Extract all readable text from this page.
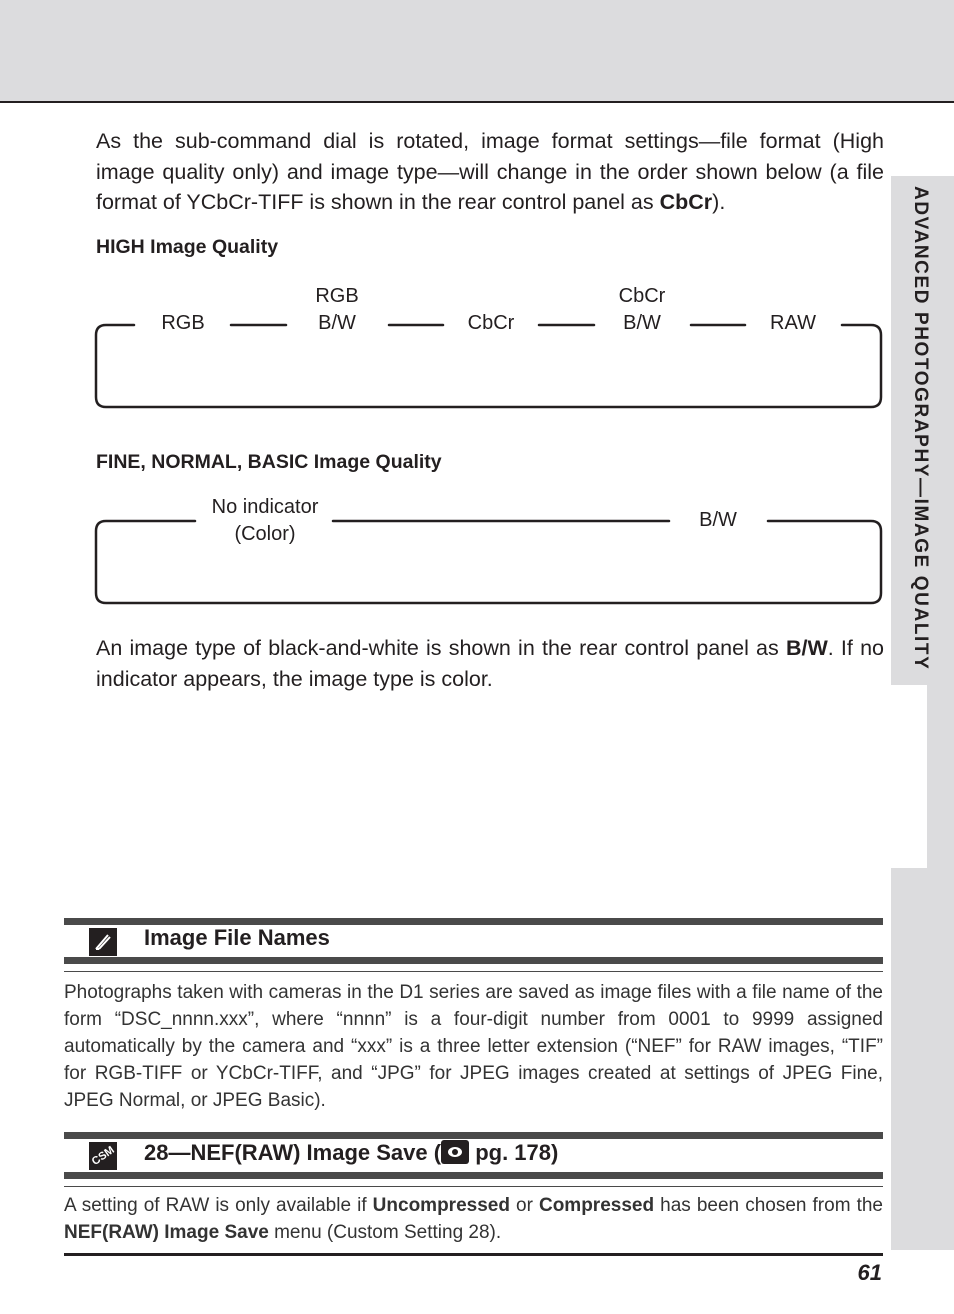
ADVANCED PHOTOGRAPHY—IMAGE QUALITY

As the sub-command dial is rotated, image format settings—file format (High image quality only) and image type—will change in the order shown below (a file format of YCbCr-TIFF is shown in the rear control panel as CbCr).

HIGH Image Quality

RGB
RGB
B/W	CbCr
CbCr
B/W	RAW

FINE, NORMAL, BASIC Image Quality

No indicator
(Color)
B/W

An image type of black-and-white is shown in the rear control panel as B/W. If no indicator appears, the image type is color.

Image File Names

Photographs taken with cameras in the D1 series are saved as image files with a file name of the form “DSC_nnnn.xxx”, where “nnnn” is a four-digit number from 0001 to 9999 assigned automatically by the camera and “xxx” is a three letter extension (“NEF” for RAW images, “TIF” for RGB-TIFF or YCbCr-TIFF, and “JPG” for JPEG images created at settings of JPEG Fine, JPEG Normal, or JPEG Basic).

CSM 28—NEF(RAW) Image Save (
pg. 178)

A setting of RAW is only available if Uncompressed or Compressed has been chosen from the NEF(RAW) Image Save menu (Custom Setting 28).

61
